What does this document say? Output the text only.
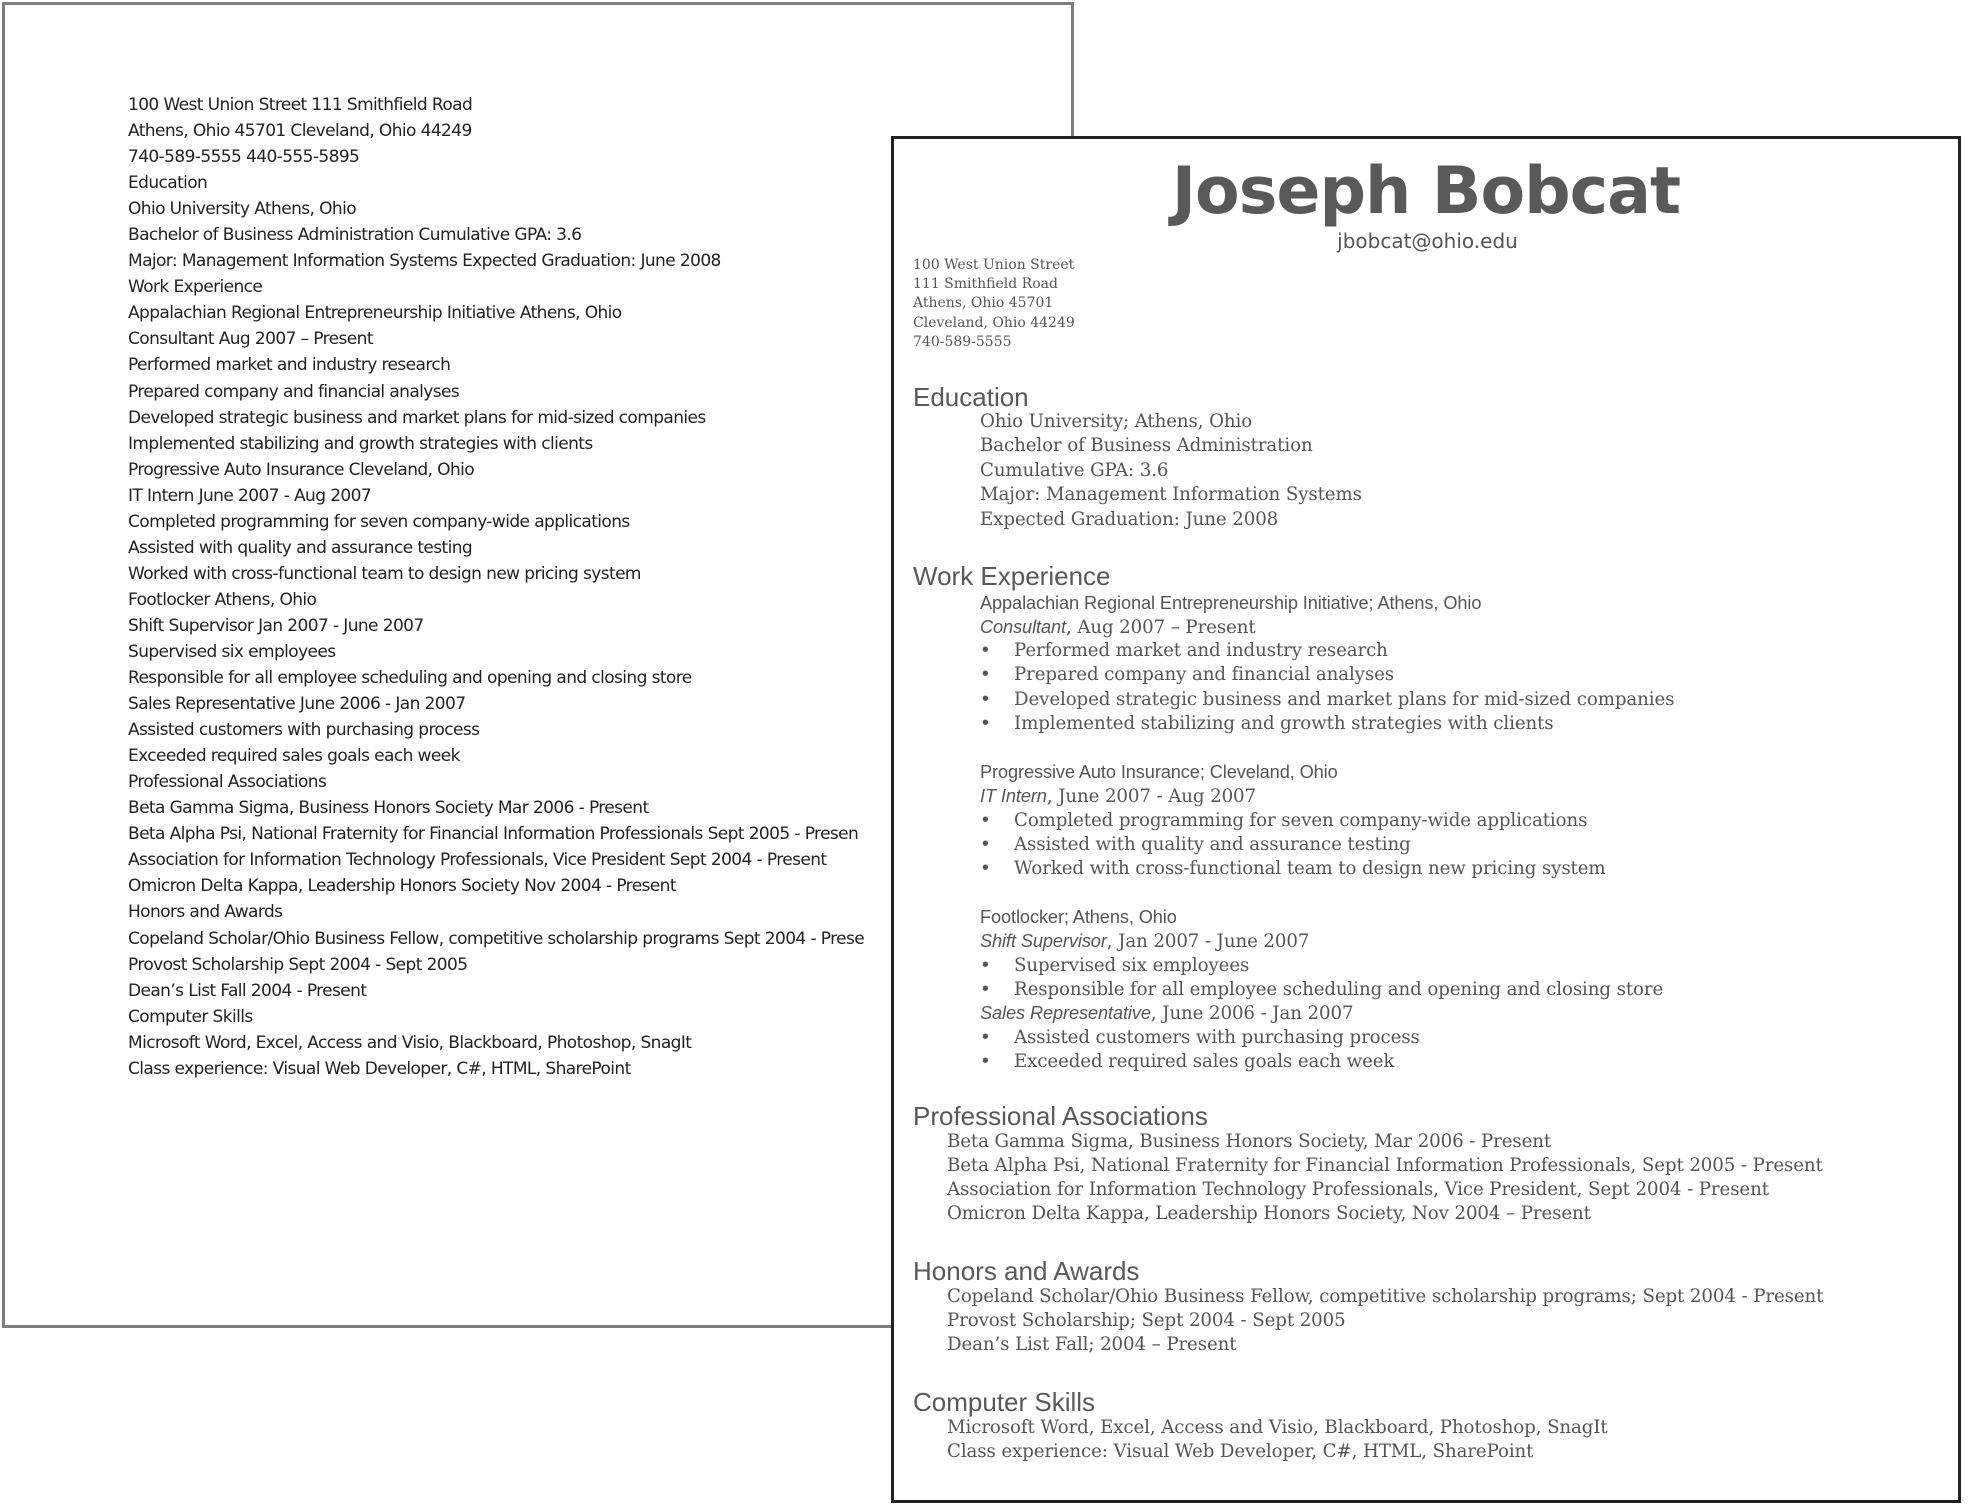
100 West Union Street 111 Smithfield Road
Athens, Ohio 45701 Cleveland, Ohio 44249
740-589-5555 440-555-5895
Education
Ohio University Athens, Ohio
Bachelor of Business Administration Cumulative GPA: 3.6
Major: Management Information Systems Expected Graduation: June 2008
Work Experience
Appalachian Regional Entrepreneurship Initiative Athens, Ohio
Consultant Aug 2007 – Present
Performed market and industry research
Prepared company and financial analyses
Developed strategic business and market plans for mid-sized companies
Implemented stabilizing and growth strategies with clients
Progressive Auto Insurance Cleveland, Ohio
IT Intern June 2007 - Aug 2007
Completed programming for seven company-wide applications
Assisted with quality and assurance testing
Worked with cross-functional team to design new pricing system
Footlocker Athens, Ohio
Shift Supervisor Jan 2007 - June 2007
Supervised six employees
Responsible for all employee scheduling and opening and closing store
Sales Representative June 2006 - Jan 2007
Assisted customers with purchasing process
Exceeded required sales goals each week
Professional Associations
Beta Gamma Sigma, Business Honors Society Mar 2006 - Present
Beta Alpha Psi, National Fraternity for Financial Information Professionals Sept 2005 - Presen
Association for Information Technology Professionals, Vice President Sept 2004 - Present
Omicron Delta Kappa, Leadership Honors Society Nov 2004 - Present
Honors and Awards
Copeland Scholar/Ohio Business Fellow, competitive scholarship programs Sept 2004 - Prese
Provost Scholarship Sept 2004 - Sept 2005
Dean’s List Fall 2004 - Present
Computer Skills
Microsoft Word, Excel, Access and Visio, Blackboard, Photoshop, SnagIt
Class experience: Visual Web Developer, C#, HTML, SharePoint
Joseph Bobcat
jbobcat@ohio.edu
100 West Union Street
111 Smithfield Road
Athens, Ohio 45701
Cleveland, Ohio 44249
740-589-5555
Education
Ohio University; Athens, Ohio
Bachelor of Business Administration
Cumulative GPA: 3.6
Major: Management Information Systems
Expected Graduation: June 2008
Work Experience
Appalachian Regional Entrepreneurship Initiative; Athens, Ohio
Consultant, Aug 2007 – Present
• Performed market and industry research
• Prepared company and financial analyses
• Developed strategic business and market plans for mid-sized companies
• Implemented stabilizing and growth strategies with clients
Progressive Auto Insurance; Cleveland, Ohio
IT Intern, June 2007 - Aug 2007
• Completed programming for seven company-wide applications
• Assisted with quality and assurance testing
• Worked with cross-functional team to design new pricing system
Footlocker; Athens, Ohio
Shift Supervisor, Jan 2007 - June 2007
• Supervised six employees
• Responsible for all employee scheduling and opening and closing store
Sales Representative, June 2006 - Jan 2007
• Assisted customers with purchasing process
• Exceeded required sales goals each week
Professional Associations
Beta Gamma Sigma, Business Honors Society, Mar 2006 - Present
Beta Alpha Psi, National Fraternity for Financial Information Professionals, Sept 2005 - Present
Association for Information Technology Professionals, Vice President, Sept 2004 - Present
Omicron Delta Kappa, Leadership Honors Society, Nov 2004 – Present
Honors and Awards
Copeland Scholar/Ohio Business Fellow, competitive scholarship programs; Sept 2004 - Present
Provost Scholarship; Sept 2004 - Sept 2005
Dean’s List Fall; 2004 – Present
Computer Skills
Microsoft Word, Excel, Access and Visio, Blackboard, Photoshop, SnagIt
Class experience: Visual Web Developer, C#, HTML, SharePoint
